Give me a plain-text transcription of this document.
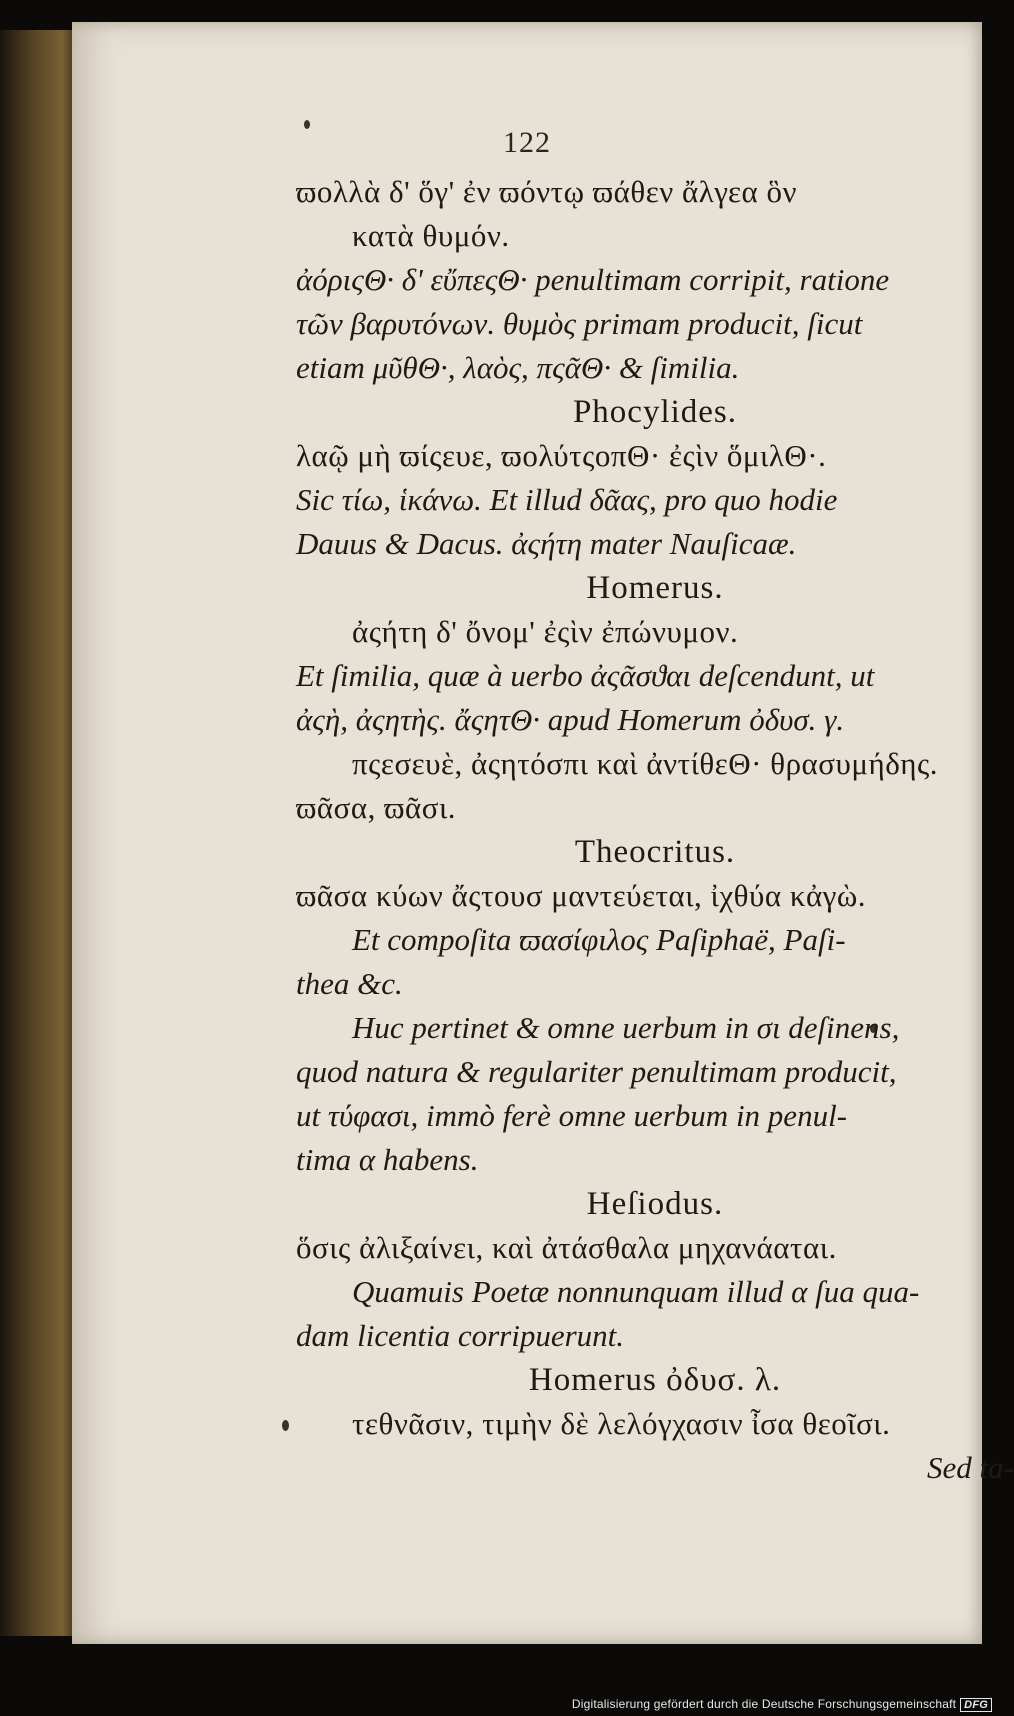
122
ϖολλὰ δ' ὅγ' ἐν ϖόντῳ ϖάθεν ἄλγεα ὃν
κατὰ θυμόν.
ἀόριςΘ· δ' εὔπεςΘ· penultimam corripit, ratione
τῶν βαρυτόνων. θυμὸς primam producit, ſicut
etiam μῦθΘ·, λαὸς, πςᾶΘ· & ſimilia.
Phocylides.
λαῷ μὴ ϖίςευε, ϖολύτςοπΘ· ἐςὶν ὅμιλΘ·.
Sic τίω, ἱκάνω. Et illud δᾶας, pro quo hodie
Dauus & Dacus. ἀςήτη mater Nauſicaæ.
Homerus.
ἀςήτη δ' ὄνομ' ἐςὶν ἐπώνυμον.
Et ſimilia, quæ à uerbo ἀςᾶσϑαι deſcendunt, ut
ἀςὴ, ἀςητὴς. ἄςητΘ· apud Homerum ὀδυσ. γ.
πςεσευὲ, ἀςητόσπι καὶ ἀντίθεΘ· θρασυμήδης.
ϖᾶσα, ϖᾶσι.
Theocritus.
ϖᾶσα κύων ἄςτουσ μαντεύεται, ἰχθύα κἀγὼ.
Et compoſita ϖασίφιλος Paſiphaë, Paſi-
thea &c.
Huc pertinet & omne uerbum in σι deſinens,
quod natura & regulariter penultimam producit,
ut τύφασι, immò ferè omne uerbum in penul-
tima α habens.
Heſiodus.
ὅσις ἀλιξαίνει, καὶ ἀτάσθαλα μηχανάαται.
Quamuis Poetæ nonnunquam illud α ſua qua-
dam licentia corripuerunt.
Homerus ὀδυσ. λ.
τεθνᾶσιν, τιμὴν δὲ λελόγχασιν ἶσα θεοῖσι.
Sed ta-
Digitalisierung gefördert durch die Deutsche Forschungsgemeinschaft DFG
